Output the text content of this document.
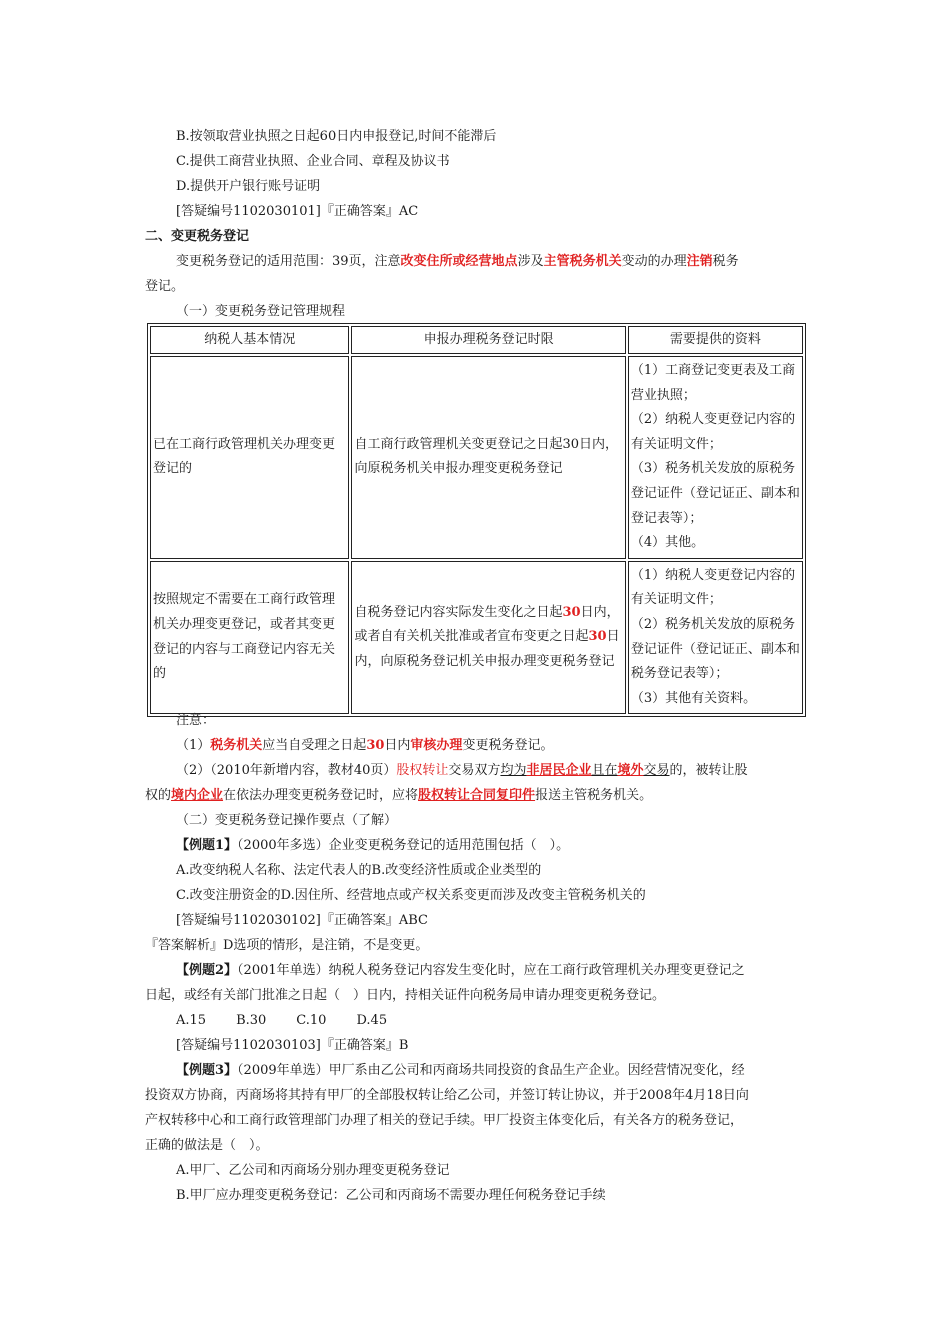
B.按领取营业执照之日起60日内申报登记,时间不能滞后
C.提供工商营业执照、企业合同、章程及协议书
D.提供开户银行账号证明
[答疑编号1102030101]『正确答案』AC
二、变更税务登记
变更税务登记的适用范围：39页，注意改变住所或经营地点涉及主管税务机关变动的办理注销税务
登记。
（一）变更税务登记管理规程
纳税人基本情况	申报办理税务登记时限	需要提供的资料
已在工商行政管理机关办理变更登记的	自工商行政管理机关变更登记之日起30日内，向原税务机关申报办理变更税务登记	（1）工商登记变更表及工商营业执照；
（2）纳税人变更登记内容的有关证明文件；
（3）税务机关发放的原税务登记证件（登记证正、副本和登记表等）；
（4）其他。

按照规定不需要在工商行政管理机关办理变更登记，或者其变更登记的内容与工商登记内容无关的	自税务登记内容实际发生变化之日起30日内，或者自有关机关批准或者宣布变更之日起30日内，向原税务登记机关申报办理变更税务登记	（1）纳税人变更登记内容的有关证明文件；
（2）税务机关发放的原税务登记证件（登记证正、副本和税务登记表等）；
（3）其他有关资料。
注意：
（1）税务机关应当自受理之日起30日内审核办理变更税务登记。
（2）（2010年新增内容，教材40页）股权转让交易双方均为非居民企业且在境外交易的，被转让股
权的境内企业在依法办理变更税务登记时，应将股权转让合同复印件报送主管税务机关。
（二）变更税务登记操作要点（了解）
【例题1】（2000年多选）企业变更税务登记的适用范围包括（　）。
A.改变纳税人名称、法定代表人的B.改变经济性质或企业类型的
C.改变注册资金的D.因住所、经营地点或产权关系变更而涉及改变主管税务机关的
[答疑编号1102030102]『正确答案』ABC
『答案解析』D选项的情形，是注销，不是变更。
【例题2】（2001年单选）纳税人税务登记内容发生变化时，应在工商行政管理机关办理变更登记之
日起，或经有关部门批准之日起（　）日内，持相关证件向税务局申请办理变更税务登记。
A.15 B.30 C.10 D.45
[答疑编号1102030103]『正确答案』B
【例题3】（2009年单选）甲厂系由乙公司和丙商场共同投资的食品生产企业。因经营情况变化，经
投资双方协商，丙商场将其持有甲厂的全部股权转让给乙公司，并签订转让协议，并于2008年4月18日向
产权转移中心和工商行政管理部门办理了相关的登记手续。甲厂投资主体变化后，有关各方的税务登记，
正确的做法是（　）。
A.甲厂、乙公司和丙商场分别办理变更税务登记
B.甲厂应办理变更税务登记：乙公司和丙商场不需要办理任何税务登记手续
